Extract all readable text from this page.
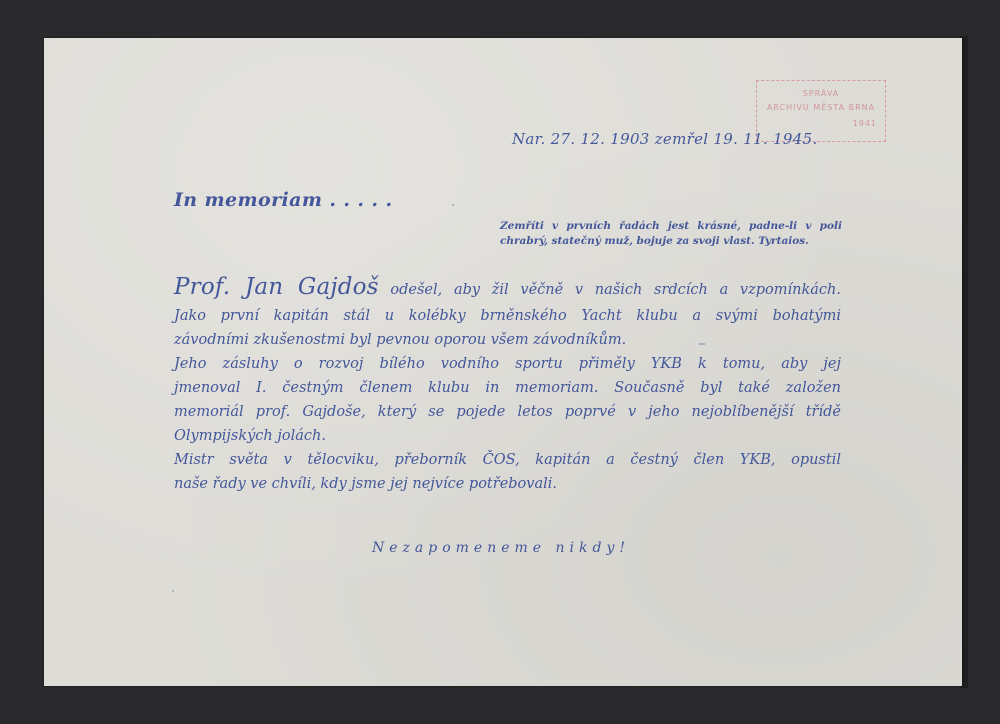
SPRÁVA
ARCHIVU MĚSTA BRNA
1941
Nar. 27. 12. 1903 zemřel 19. 11. 1945.
In memoriam . . . . .
Zemříti v prvních řadách jest krásné, padne-li v poli chrabrý, statečný muž, bojuje za svoji vlast. Tyrtaios.
Prof. Jan Gajdoš odešel, aby žil věčně v našich srdcích a vzpomínkách.
Jako první kapitán stál u kolébky brněnského Yacht klubu a svými bohatými
závodními zkušenostmi byl pevnou oporou všem závodníkům.
Jeho zásluhy o rozvoj bílého vodního sportu přiměly YKB k tomu, aby jej
jmenoval I. čestným členem klubu in memoriam. Současně byl také založen
memoriál prof. Gajdoše, který se pojede letos poprvé v jeho nejoblíbenější třídě
Olympijských jolách.
Mistr světa v tělocviku, přeborník ČOS, kapitán a čestný člen YKB, opustil
naše řady ve chvíli, kdy jsme jej nejvíce potřebovali.
Nezapomeneme nikdy!
